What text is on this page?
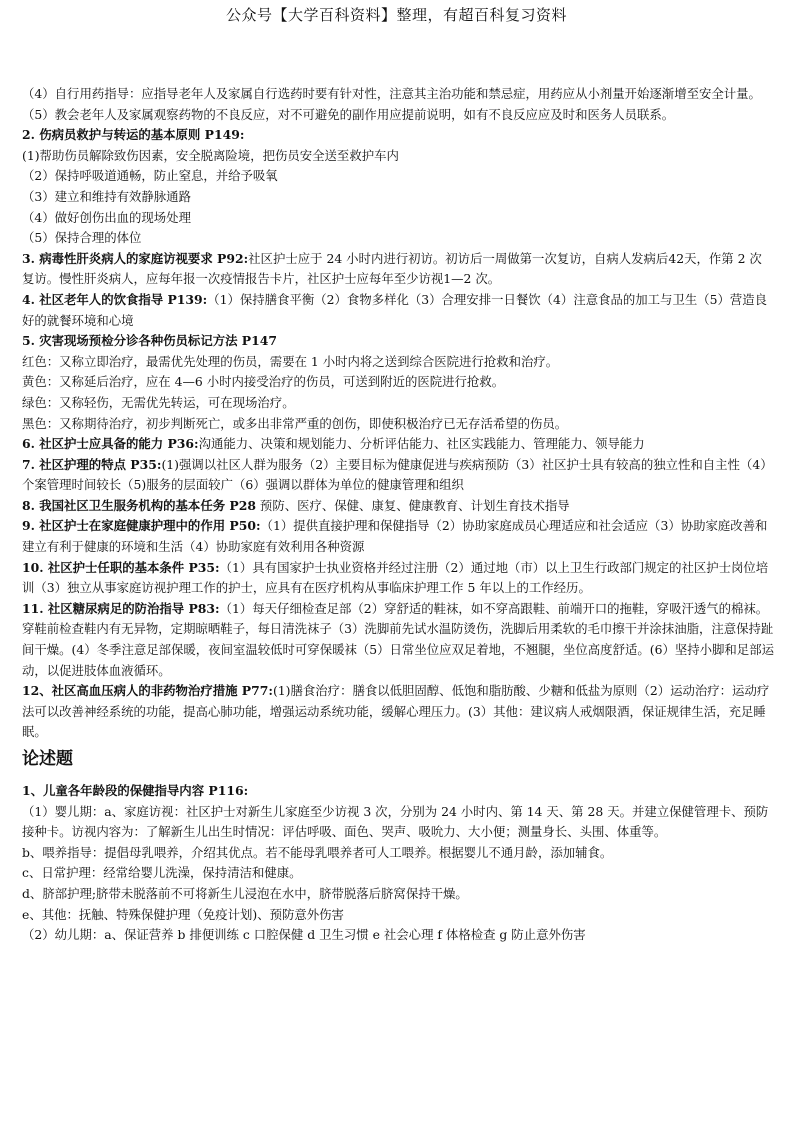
公众号【大学百科资料】整理，有超百科复习资料

（4）自行用药指导：应指导老年人及家属自行选药时要有针对性，注意其主治功能和禁忌症，用药应从小剂量开始逐渐增至安全计量。

（5）教会老年人及家属观察药物的不良反应，对不可避免的副作用应提前说明，如有不良反应应及时和医务人员联系。

2. 伤病员救护与转运的基本原则 P149:

(1)帮助伤员解除致伤因素，安全脱离险境，把伤员安全送至救护车内

（2）保持呼吸道通畅，防止窒息，并给予吸氧

（3）建立和维持有效静脉通路

（4）做好创伤出血的现场处理

（5）保持合理的体位

3. 病毒性肝炎病人的家庭访视要求 P92:社区护士应于 24 小时内进行初访。初访后一周做第一次复访，自病人发病后42天，作第 2 次复访。慢性肝炎病人，应每年报一次疫情报告卡片，社区护士应每年至少访视1—2 次。

4. 社区老年人的饮食指导 P139:（1）保持膳食平衡（2）食物多样化（3）合理安排一日餐饮（4）注意食品的加工与卫生（5）营造良好的就餐环境和心境

5. 灾害现场预检分诊各种伤员标记方法 P147

红色：又称立即治疗，最需优先处理的伤员，需要在 1 小时内将之送到综合医院进行抢救和治疗。

黄色：又称延后治疗，应在 4—6 小时内接受治疗的伤员，可送到附近的医院进行抢救。

绿色：又称轻伤，无需优先转运，可在现场治疗。

黑色：又称期待治疗，初步判断死亡，或多出非常严重的创伤，即使积极治疗已无存活希望的伤员。

6. 社区护士应具备的能力 P36:沟通能力、决策和规划能力、分析评估能力、社区实践能力、管理能力、领导能力

7. 社区护理的特点 P35:(1)强调以社区人群为服务（2）主要目标为健康促进与疾病预防（3）社区护士具有较高的独立性和自主性（4）个案管理时间较长（5)服务的层面较广（6）强调以群体为单位的健康管理和组织

8. 我国社区卫生服务机构的基本任务 P28 预防、医疗、保健、康复、健康教育、计划生育技术指导

9. 社区护士在家庭健康护理中的作用 P50:（1）提供直接护理和保健指导（2）协助家庭成员心理适应和社会适应（3）协助家庭改善和建立有利于健康的环境和生活（4）协助家庭有效利用各种资源

10. 社区护士任职的基本条件 P35:（1）具有国家护士执业资格并经过注册（2）通过地（市）以上卫生行政部门规定的社区护士岗位培训（3）独立从事家庭访视护理工作的护士，应具有在医疗机构从事临床护理工作 5 年以上的工作经历。

11. 社区糖尿病足的防治指导 P83:（1）每天仔细检查足部（2）穿舒适的鞋袜，如不穿高跟鞋、前端开口的拖鞋，穿吸汗透气的棉袜。穿鞋前检查鞋内有无异物，定期晾晒鞋子，每日清洗袜子（3）洗脚前先试水温防烫伤，洗脚后用柔软的毛巾擦干并涂抹油脂，注意保持趾间干燥。(4）冬季注意足部保暖，夜间室温较低时可穿保暖袜（5）日常坐位应双足着地，不翘腿，坐位高度舒适。(6）坚持小脚和足部运动，以促进肢体血液循环。

12、社区高血压病人的非药物治疗措施 P77:(1)膳食治疗：膳食以低胆固醇、低饱和脂肪酸、少糖和低盐为原则（2）运动治疗：运动疗法可以改善神经系统的功能，提高心肺功能，增强运动系统功能，缓解心理压力。(3）其他：建议病人戒烟限酒，保证规律生活，充足睡眠。

论述题

1、儿童各年龄段的保健指导内容 P116:

（1）婴儿期：a、家庭访视：社区护士对新生儿家庭至少访视 3 次，分别为 24 小时内、第 14 天、第 28 天。并建立保健管理卡、预防接种卡。访视内容为：了解新生儿出生时情况：评估呼吸、面色、哭声、吸吮力、大小便；测量身长、头围、体重等。

b、喂养指导：提倡母乳喂养，介绍其优点。若不能母乳喂养者可人工喂养。根据婴儿不通月龄，添加辅食。

c、日常护理：经常给婴儿洗澡，保持清洁和健康。

d、脐部护理;脐带未脱落前不可将新生儿浸泡在水中，脐带脱落后脐窝保持干燥。

e、其他：抚触、特殊保健护理（免疫计划)、预防意外伤害

（2）幼儿期：a、保证营养 b 排便训练 c 口腔保健 d 卫生习惯 e 社会心理 f 体格检查 g 防止意外伤害
